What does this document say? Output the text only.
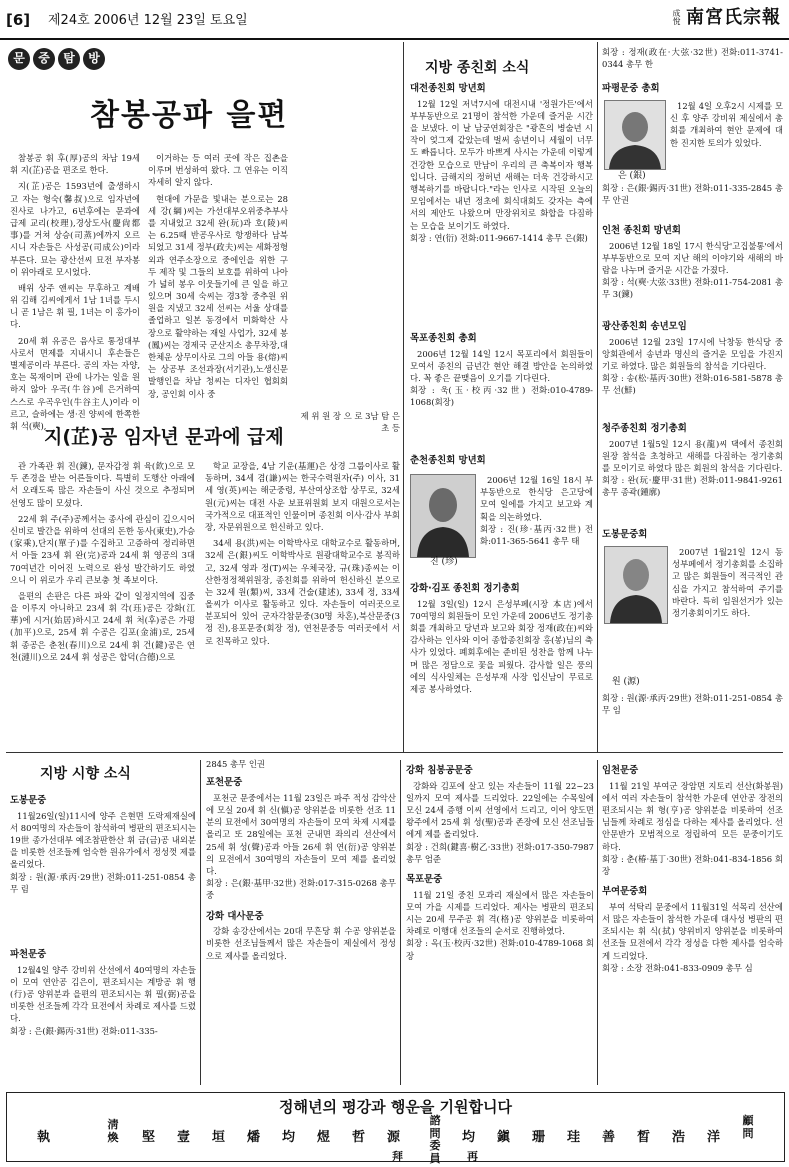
[6] 제24호 2006년 12월 23일 토요일	成悅 南宮氏宗報
문	중	탐	방
참봉공파 을편

참봉공 휘 후(厚)공의 차남 19세 휘 지(芷)공을 편조로 한다.

지(芷)공은 1593년에 출생하시고 자는 형숙(馨叔)으로 임자년에 진사로 나가고, 6년후에는 문과에 급제 교리(校理),경상도사(慶尙都事)를 거쳐 상승(司蒸)에까지 오르시니 자손들은 사성공(司成公)이라 부른다. 묘는 광산선씨 묘전 부자봉이 위아래로 모시었다.

배위 상주 앤씨는 무후하고 계배위 김해 김씨에게서 1남 1녀를 두시니 곧 1남은 휘 필, 1녀는 이 홍가이다.

20세 휘 유공은 음사로 통정대부 사로서 면제를 지내시니 후손들은 별제공이라 부른다. 공의 자는 자양, 호는 목재이며 관에 나가는 일을 원하지 않아 우곡(牛谷)에 은거하여 스스로 우곡우인(牛谷主人)이라 이르고, 슬하에는 생·진 양씨에 한쪽한 휘 석(奭),

이거하는 등 여러 곳에 작은 집촌을 이루며 번성하여 왔다. 그 연유는 이직 자세히 알지 않다.

현대에 가문을 빛내는 분으로는 28세 강(綱)씨는 가선대부오위중추부사를 지내었고 32세 완(玩)과 호(陵)씨는 6.25때 반공우사로 항쟁하다 남북되었고 31세 정부(政夫)씨는 세화정형외과 연주소장으로 중에인을 위한 구두 제작 및 그들의 보호를 위하여 나아가 넓히 봉우 이웃들기에 큰 일을 하고 있으며 30세 숙씨는 경3창 중추원 위원을 지냈고 32세 선씨는 서울 상대를 졸업하고 일본 동경에서 미화학산 사장으로 활약하는 재일 사업가, 32세 봉(鳳)씨는 경제국 군산지소 총무차장,대한체운 상무이사로 그의 아들 용(熔)씨는 상공부 조선과장(서기관),노생신문 발행인을 차남 청씨는 디자인 협회회장, 공인회 이사 중

제 위 원 장 으 로 3남 탐 은 초 등
지(芷)공 임자년 문과에 급제

관 가족관 휘 진(鍊), 문자감정 휘 육(欽)으로 모두 존경을 받는 어른들이다. 특별히 도행산 아래에서 오래도록 많은 자손들이 사신 것으로 추정되며 선영도 많이 모셨다.

22세 휘 주(주)공께서는 종사에 관심이 깊으시어 신비로 발간을 위하여 선대의 돈한 동사(東史),가승(家乘),단지(單子)를 수집하고 고증하여 정리하면서 아들 23세 휘 완(完)공과 24세 휘 영공의 3대 70여년간 이어진 노력으로 완성 발간하기도 하였으니 이 위로가 우리 큰보충 첫 족보이다.

을편의 손판은 다른 파와 같이 일정지역에 집중을 이루지 아니하고 23세 휘 각(珏)공은 강화(江華)에 시거(始居)하시고 24세 휘 처(후)공은 가평(加平)으로, 25세 휘 수공은 김포(金浦)로, 25세 휘 종공은 춘천(春川)으로 24세 휘 건(鍵)공은 연천(漣川)으로 24세 휘 성공은 합덕(合德)으로

학교 교장을, 4남 기운(基運)은 상경 그룹이사로 활동하며, 34세 겸(謙)씨는 한국수력원자(주) 이사, 31세 영(英)씨는 해군중령, 부산여상조합 상무로, 32세 원(元)씨는 대전 사운 보표위원회 보지 대원으로서는 국가적으로 대표적인 인물이며 종친회 이사·감사 부회장, 자문위원으로 헌신하고 있다.

34세 용(洪)씨는 이학박사로 대학교수로 활동하며, 32세 은(銀)씨도 이학박사로 원광대학교수로 봉직하고, 32세 영과 정(T)씨는 우체국장, 규(珠)종씨는 이산한정정책위원장, 종친회를 위하여 헌신하신 분으로는 32세 원(類)씨, 33세 건술(建述), 33세 정, 33세 올씨가 이사로 활동하고 있다. 자손들이 여러곳으로 분포되어 있어 군자각참문중(30명 차혼),북산문중(3정 진),용포문중(회장 정), 연천문중등 여러곳에서 서로 친목하고 있다.

지방 종친회 소식
대전종친회 망년회

12월 12일 저녁7시에 대전시내 '정원가든'에서 부부동반으로 21명이 참석한 가운데 즐거운 시간을 보냈다. 이 날 남궁연회장은 "광흔의 병술년 시작이 엊그제 같았는데 벌써 송년이니 세월이 너무도 빠릅니다. 모두가 바쁘게 사시는 가운데 이렇게 건강한 모습으로 만남이 우리의 큰 축복이자 행복입니다. 금해지의 정허년 새해는 더욱 건강하시고 행복하기를 바랍니다."라는 인사로 시작된 오늘의 모임에서는 내년 정초에 회식대회도 갖자는 측에서의 제안도 나왔으며 만장위치로 화합을 다짐하는 모습을 보이기도 하였다.

회장 : 연(衍) 전화:011-9667-1414 총무 은(銀)
목포종친회 총회

2006년 12월 14일 12시 목포리에서 회원들이 모여서 종친의 금년간 현안 해결 방안을 논의하였다. 꼭 좋은 끝맺음이 오기를 기다린다.

회장 : 욱(玉·校丙·32世) 전화:010-4789-1068(회장)
춘천종친회 망년회
진 (珍)

2006년 12월 16일 18시 부부동반으로 한식당 은고당에 모여 일에를 가지고 보고와 계획을 의논하였다.

회장 : 진(珍·基丙·32世) 전화:011-365-5641 총무 태
강화·김포 종친회 정기총회

12월 3일(일) 12시 은성부페(시장 本店)에서 70여명의 회원들이 모인 가운데 2006년도 정기총회를 개최하고 당년과 보고와 회장 정재(政在)씨와 감사하는 인사와 이어 종합종친회장 홍(봉)님의 축사가 있었다. 폐회후에는 준비된 성찬을 함께 나누며 많은 정담으로 꽃을 피웠다. 감사할 일은 풍의에의 식사일체는 은성부재 사장 입신남이 무료로 제공 봉사하였다.

회장 : 정재(政在·大弦·32世) 전화:011-3741-0344 총무 한
파평문중 총회
은 (銀)

12월 4일 오후2시 시제를 모신 후 양주 강비위 제실에서 총회를 개최하여 현안 문제에 대한 진지한 토의가 있었다.

회장 : 은(銀·錫丙·31世) 전화:011-335-2845 총무 안권
인천 종친회 망년회

2006년 12월 18일 17시 한식당'고집불통'에서 부부동반으로 모여 지난 해의 이야기와 새해의 바람을 나누며 즐거운 시간을 가졌다.

회장 : 석(奭·大弦·33世) 전화:011-754-2081 총무 3(鍊)
광산종친회 송년모임

2006년 12월 23일 17시에 낙창동 한식당 중앙회관에서 송년과 명신의 즐거운 모임을 가진지기로 하였다. 많은 회원들의 참석을 기다린다.

회장 : 송(松·基丙·30世) 전화:016-581-5878 총무 선(鮮)
청주종친회 정기총회

2007년 1월5일 12시 용(龍)씨 댁에서 종친회원장 참석을 초청하고 새해를 다짐하는 정기총회를 모이기로 하였다 많은 회원의 참석을 기다린다.

회장 : 완(玩·慶甲·31世) 전화:011-9841-9261 총무 종곽(鍾廓)
도봉문중회
원 (源)

2007년 1월21일 12시 동성부페에서 정기총회를 소집하고 많은 회원들이 적극적인 관심을 가지고 참석하여 주기를 바란다. 특히 임원선거가 있는 정기총회이기도 하다.

회장 : 원(源·承丙·29世) 전화:011-251-0854 총무 임
지방 시향 소식
도봉문중

11월26일(일)11시에 양주 은현면 도락제재실에서 80여명의 자손들이 참석하여 병판의 편조되시는 19世 종가선대부 예조참판한산 휘 금(금)공 내외분을 비롯한 선조들께 엄숙한 원유가에서 정성껏 제를 올리었다.

회장 : 원(源·承丙·29世) 전화:011-251-0854 총무 림
파천문중

12월4일 양주 강비위 산선에서 40여명의 자손들이 모여 연안공 김은이, 편조되시는 계방공 휘 행(行)공 양위분과 을편의 편조되시는 휘 필(弼)공을 비롯한 선조들께 각각 묘전에서 차례로 제사를 드렸다.

회장 : 은(銀·錫丙·31世) 전화:011-335-
2845 총무 인권
포천문중

포천군 문중에서는 11월 23일은 파주 적성 감악산에 모실 20세 휘 신(愼)공 양위분을 비롯한 선조 11분의 묘전에서 30여명의 자손들이 모여 차제 시제를 올리고 또 28일에는 포천 군내면 좌의리 선산에서 25세 휘 성(聲)공과 아들 26세 휘 연(衍)공 양위분의 묘전에서 30여명의 자손들이 모여 제를 올리었다.

회장 : 은(銀·基甲·32世) 전화:017-315-0268 총무 중
강화 대사문중

강화 송강산에서는 20대 무흔당 휘 수공 양위분을 비롯한 선조님들께서 많은 자손들이 제실에서 정성으로 제사를 올리었다.

강화 침봉공문중

강화와 김포에 살고 있는 자손들이 11월 22~23일까지 모여 제사를 드리었다. 22일에는 수목일에 모신 24세 증행 이씨 선영에서 드리고, 이어 양도면 왕주에서 25세 휘 성(聖)공과 존장에 모신 선조님들에게 제를 올리었다.

회장 : 건희(鍵喜·樹乙·33世) 전화:017-350-7987 총무 엄준
목포문중

11월 21일 중친 모과리 재실에서 많은 자손들이 모여 가을 시제를 드리었다. 제사는 병판의 편조되시는 20세 무주공 휘 격(格)공 양위분을 비롯하여 차례로 이행대 선조들의 순서로 진행하였다.

회장 : 옥(玉·校丙·32世) 전화:010-4789-1068 회장
임천문중

11월 21일 부여군 장암면 지토리 선산(화봉원)에서 여러 자손들이 참석한 가운데 연안공 장전의 편조되시는 휘 형(亨)공 양위분을 비롯하여 선조님들께 차례로 정심을 다하는 제사를 올리었다. 선안문반가 모범적으로 정립하여 모든 문중이기도 하다.

회장 : 춘(椿·基丁·30世) 전화:041-834-1856 회장
부여문중회

부여 석탁리 문중에서 11월31일 석목리 선산에서 많은 자손들이 참석한 가운데 대사성 병판의 편조되시는 휘 식(拭) 양위비지 양위분을 비롯하여 선조들 묘전에서 각각 정성을 다한 제사를 엄숙하게 드리었다.

회장 : 소장 전화:041-833-0909 총무 심
정해년의 평강과 행운을 기원합니다
執
淸煥 堅 壹 垣 燔 均 煜 哲 源
諮問委員
均 鎭 珊 珪 善 晳 浩 洋
顧問
拜	再
